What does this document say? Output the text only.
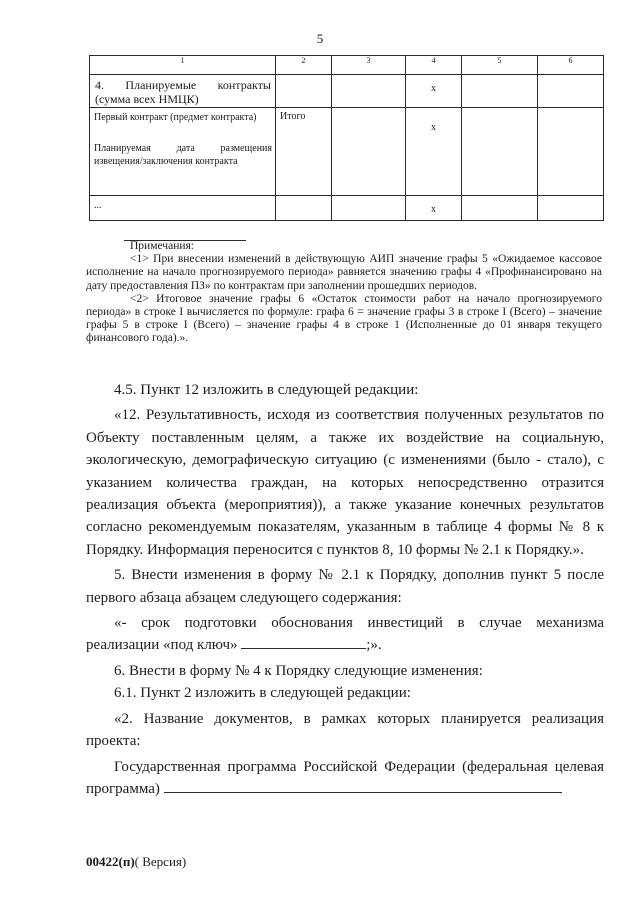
5
1	2	3	4	5	6

4. Планируемые контракты (сумма всех НМЦК)			x		

Первый контракт (предмет контракта)
Планируемая дата размещения извещения/заключения контракта	Итого		x		

...			x		

Примечания:

<1> При внесении изменений в действующую АИП значение графы 5 «Ожидаемое кассовое исполнение на начало прогнозируемого периода» равняется значению графы 4 «Профинансировано на дату предоставления ПЗ» по контрактам при заполнении прошедших периодов.

<2> Итоговое значение графы 6 «Остаток стоимости работ на начало прогнозируемого периода» в строке I вычисляется по формуле: графа 6 = значение графы 3 в строке I (Всего) – значение графы 5 в строке I (Всего) – значение графы 4 в строке 1 (Исполненные до 01 января текущего финансового года).».

4.5. Пункт 12 изложить в следующей редакции:

«12. Результативность, исходя из соответствия полученных результатов по Объекту поставленным целям, а также их воздействие на социальную, экологическую, демографическую ситуацию (с изменениями (было - стало), с указанием количества граждан, на которых непосредственно отразится реализация объекта (мероприятия)), а также указание конечных результатов согласно рекомендуемым показателям, указанным в таблице 4 формы № 8 к Порядку. Информация переносится с пунктов 8, 10 формы № 2.1 к Порядку.».

5. Внести изменения в форму № 2.1 к Порядку, дополнив пункт 5 после первого абзаца абзацем следующего содержания:

«- срок подготовки обоснования инвестиций в случае механизма реализации «под ключ»	;».

6. Внести в форму № 4 к Порядку следующие изменения:

6.1. Пункт 2 изложить в следующей редакции:

«2. Название документов, в рамках которых планируется реализация проекта:

Государственная программа Российской Федерации (федеральная целевая программа)

00422(п)( Версия)
